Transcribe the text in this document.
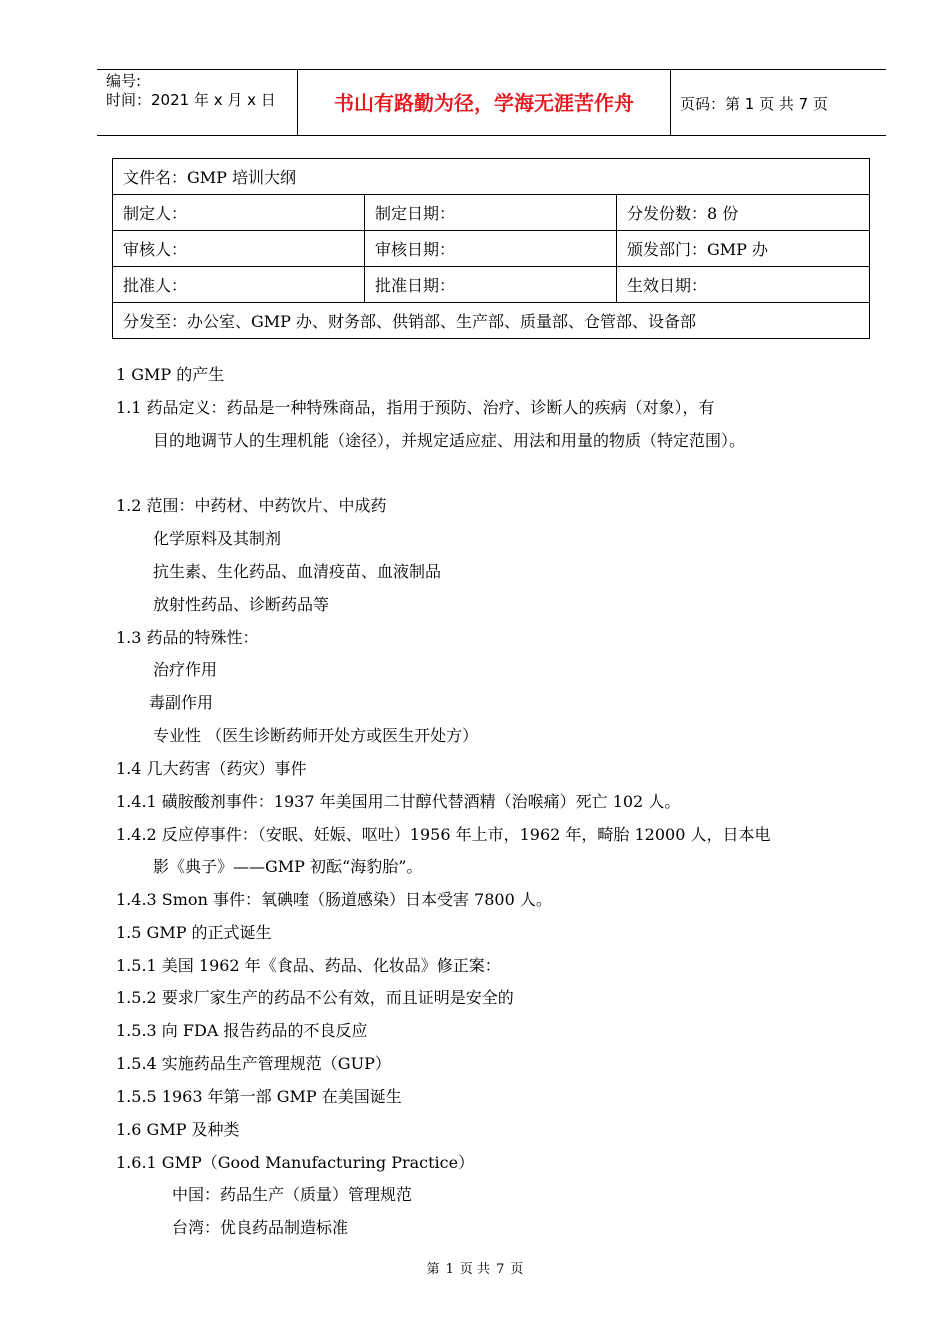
编号:
时间：2021 年 x 月 x 日	书山有路勤为径，学海无涯苦作舟	页码：第 1 页 共 7 页
文件名：GMP 培训大纲		
制定人：	制定日期：	分发份数：8 份
审核人：	审核日期：	颁发部门：GMP 办
批准人：	批准日期：	生效日期：
分发至：办公室、GMP 办、财务部、供销部、生产部、质量部、仓管部、设备部		
1 GMP 的产生
1.1 药品定义：药品是一种特殊商品，指用于预防、治疗、诊断人的疾病（对象），有
目的地调节人的生理机能（途径），并规定适应症、用法和用量的物质（特定范围）。
1.2 范围：中药材、中药饮片、中成药
化学原料及其制剂
抗生素、生化药品、血清疫苗、血液制品
放射性药品、诊断药品等
1.3 药品的特殊性：
治疗作用
毒副作用
专业性 （医生诊断药师开处方或医生开处方）
1.4 几大药害（药灾）事件
1.4.1 磺胺酸剂事件：1937 年美国用二甘醇代替酒精（治喉痛）死亡 102 人。
1.4.2 反应停事件：（安眠、妊娠、呕吐）1956 年上市，1962 年，畸胎 12000 人，日本电
影《典子》——GMP 初酝“海豹胎”。
1.4.3 Smon 事件：氧碘喹（肠道感染）日本受害 7800 人。
1.5 GMP 的正式诞生
1.5.1 美国 1962 年《食品、药品、化妆品》修正案：
1.5.2 要求厂家生产的药品不公有效，而且证明是安全的
1.5.3 向 FDA 报告药品的不良反应
1.5.4 实施药品生产管理规范（GUP）
1.5.5 1963 年第一部 GMP 在美国诞生
1.6 GMP 及种类
1.6.1 GMP（Good Manufacturing Practice）
中国：药品生产（质量）管理规范
台湾：优良药品制造标准
第 1 页 共 7 页
